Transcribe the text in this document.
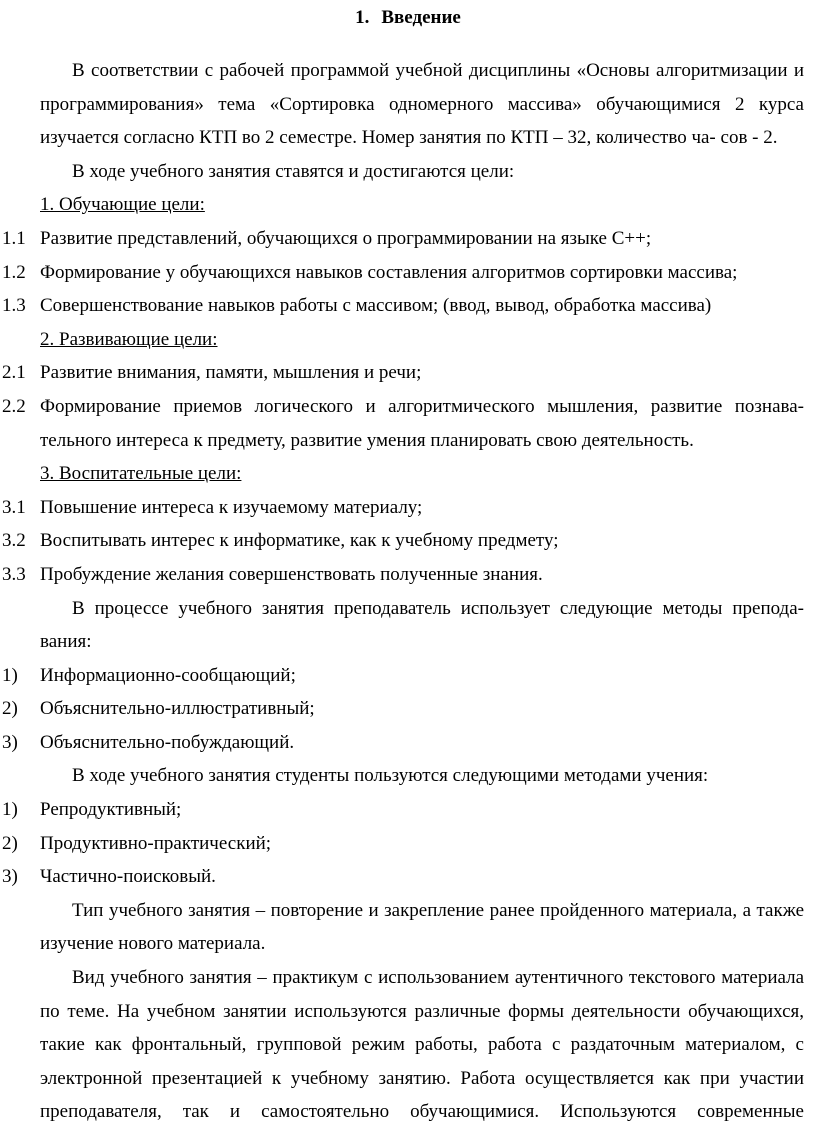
1. Введение

В соответствии с рабочей программой учебной дисциплины «Основы алгоритмизации и программирования» тема «Сортировка одномерного массива» обучающимися 2 курса изучается согласно КТП во 2 семестре. Номер занятия по КТП – 32, количество ча- сов - 2.

В ходе учебного занятия ставятся и достигаются цели:

1. Обучающие цели:

1.1 Развитие представлений, обучающихся о программировании на языке C++;

1.2 Формирование у обучающихся навыков составления алгоритмов сортировки массива;

1.3 Совершенствование навыков работы с массивом; (ввод, вывод, обработка массива)

2. Развивающие цели:

2.1 Развитие внимания, памяти, мышления и речи;

2.2 Формирование приемов логического и алгоритмического мышления, развитие познавательного интереса к предмету, развитие умения планировать свою деятельность.

3. Воспитательные цели:

3.1 Повышение интереса к изучаемому материалу;

3.2 Воспитывать интерес к информатике, как к учебному предмету;

3.3 Пробуждение желания совершенствовать полученные знания.

В процессе учебного занятия преподаватель использует следующие методы преподавания:

1) Информационно-сообщающий;

2) Объяснительно-иллюстративный;

3) Объяснительно-побуждающий.

В ходе учебного занятия студенты пользуются следующими методами учения:

1) Репродуктивный;

2) Продуктивно-практический;

3) Частично-поисковый.

Тип учебного занятия – повторение и закрепление ранее пройденного материала, а также изучение нового материала.

Вид учебного занятия – практикум с использованием аутентичного текстового материала по теме. На учебном занятии используются различные формы деятельности обучающихся, такие как фронтальный, групповой режим работы, работа с раздаточным материалом, с электронной презентацией к учебному занятию. Работа осуществляется как при участии преподавателя, так и самостоятельно обучающимися. Используются современные
